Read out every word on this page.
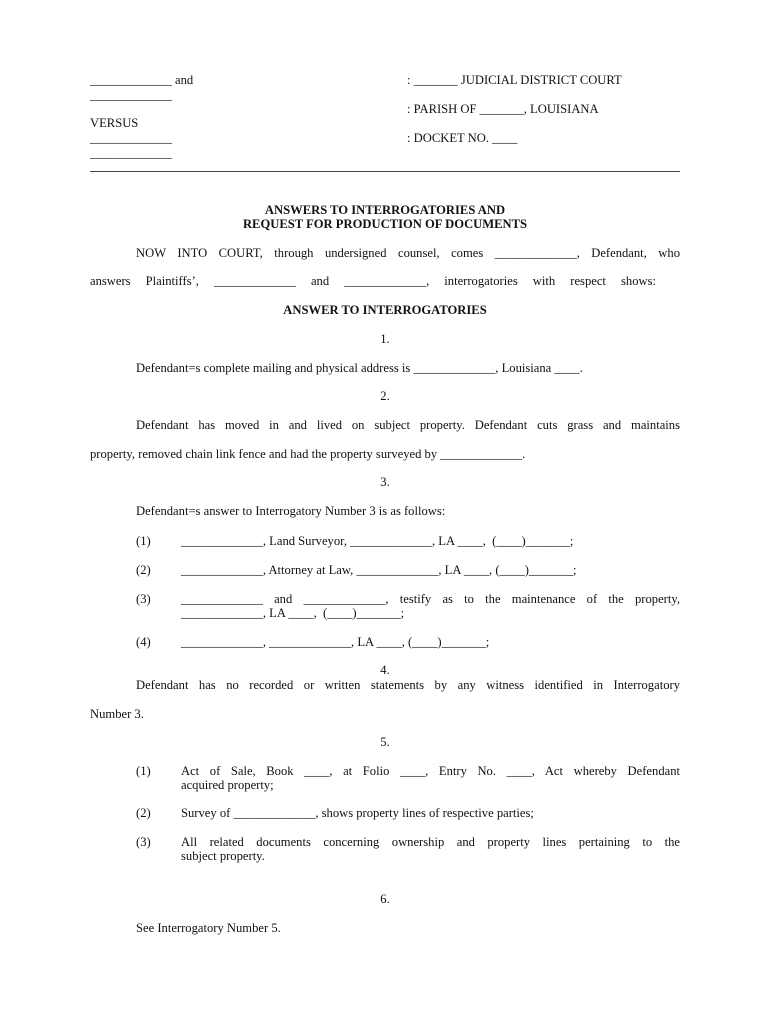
_____________ and
_____________
VERSUS
_____________
_____________
: _______ JUDICIAL DISTRICT COURT
: PARISH OF _______, LOUISIANA
: DOCKET NO. ____
ANSWERS TO INTERROGATORIES AND
REQUEST FOR PRODUCTION OF DOCUMENTS
NOW INTO COURT, through undersigned counsel, comes _____________, Defendant, who
answers Plaintiffs’, _____________ and _____________, interrogatories with respect shows:
ANSWER TO INTERROGATORIES
1.
Defendant=s complete mailing and physical address is _____________, Louisiana ____.
2.
Defendant has moved in and lived on subject property. Defendant cuts grass and maintains
property, removed chain link fence and had the property surveyed by _____________.
3.
Defendant=s answer to Interrogatory Number 3 is as follows:
(1) _____________, Land Surveyor, _____________, LA ____,  (____)_______;
(2) _____________, Attorney at Law, _____________, LA ____, (____)_______;
(3) _____________ and _____________, testify as to the maintenance of the property,
_____________, LA ____,  (____)_______;
(4) _____________, _____________, LA ____, (____)_______;
4.
Defendant has no recorded or written statements by any witness identified in Interrogatory
Number 3.
5.
(1) Act of Sale, Book ____, at Folio ____, Entry No. ____, Act whereby Defendant
acquired property;
(2) Survey of _____________, shows property lines of respective parties;
(3) All related documents concerning ownership and property lines pertaining to the
subject property.
6.
See Interrogatory Number 5.
